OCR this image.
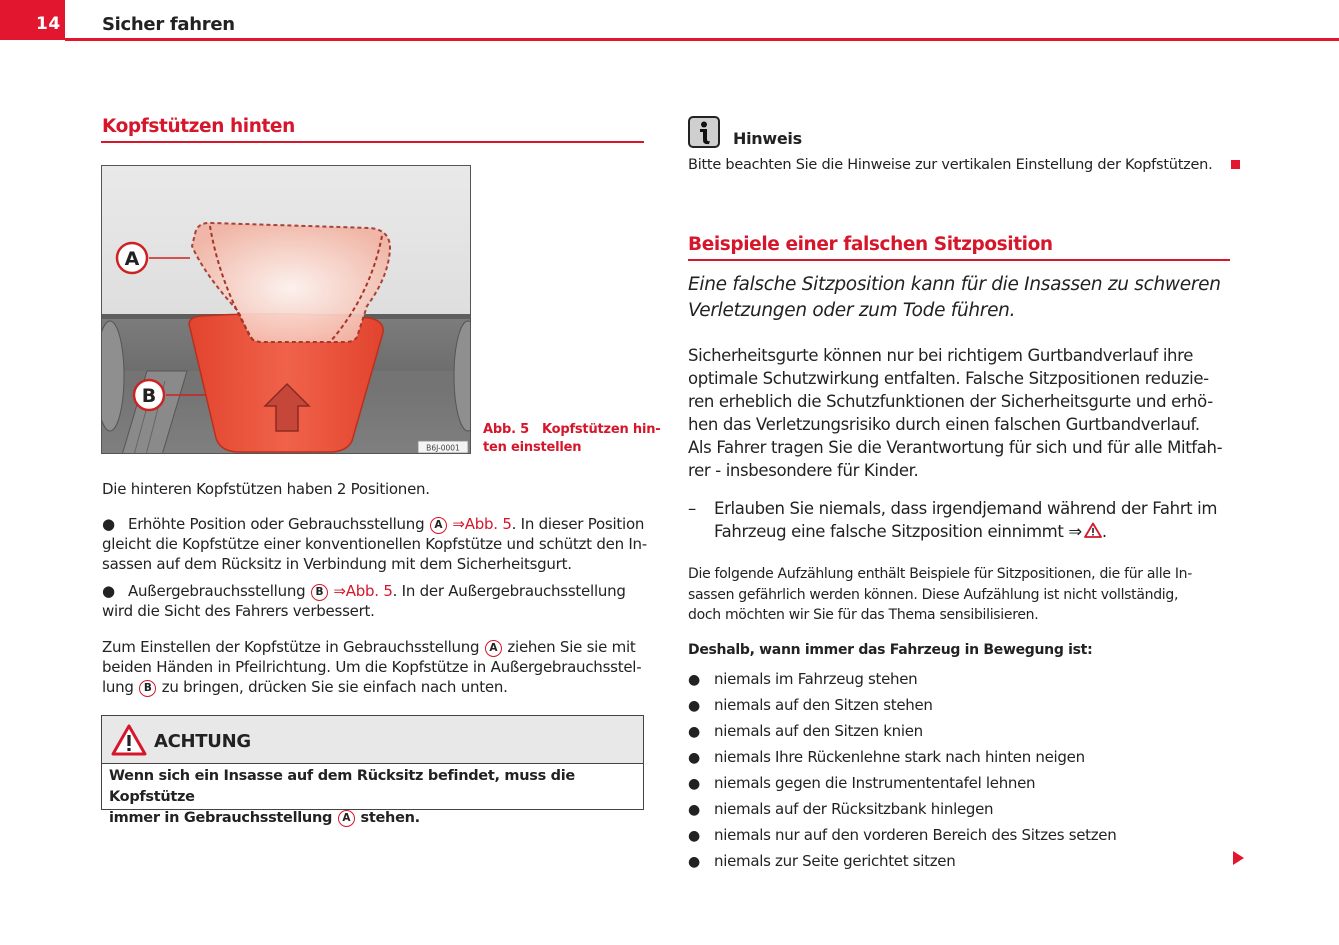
14 Sicher fahren
Kopfstützen hinten
A
B
B6J-0001
Abb. 5   Kopfstützen hin-
ten einstellen
Die hinteren Kopfstützen haben 2 Positionen.
● Erhöhte Position oder Gebrauchsstellung A ⇒Abb. 5. In dieser Position
gleicht die Kopfstütze einer konventionellen Kopfstütze und schützt den In-
sassen auf dem Rücksitz in Verbindung mit dem Sicherheitsgurt.
● Außergebrauchsstellung B ⇒Abb. 5. In der Außergebrauchsstellung
wird die Sicht des Fahrers verbessert.
Zum Einstellen der Kopfstütze in Gebrauchsstellung A ziehen Sie sie mit
beiden Händen in Pfeilrichtung. Um die Kopfstütze in Außergebrauchsstel-
lung B zu bringen, drücken Sie sie einfach nach unten.
ACHTUNG
Wenn sich ein Insasse auf dem Rücksitz befindet, muss die Kopfstütze
immer in Gebrauchsstellung A stehen.
Hinweis
Bitte beachten Sie die Hinweise zur vertikalen Einstellung der Kopfstützen.
Beispiele einer falschen Sitzposition
Eine falsche Sitzposition kann für die Insassen zu schweren
Verletzungen oder zum Tode führen.
Sicherheitsgurte können nur bei richtigem Gurtbandverlauf ihre
optimale Schutzwirkung entfalten. Falsche Sitzpositionen reduzie-
ren erheblich die Schutzfunktionen der Sicherheitsgurte und erhö-
hen das Verletzungsrisiko durch einen falschen Gurtbandverlauf.
Als Fahrer tragen Sie die Verantwortung für sich und für alle Mitfah-
rer - insbesondere für Kinder.
– Erlauben Sie niemals, dass irgendjemand während der Fahrt im
Fahrzeug eine falsche Sitzposition einnimmt ⇒ .
Die folgende Aufzählung enthält Beispiele für Sitzpositionen, die für alle In-
sassen gefährlich werden können. Diese Aufzählung ist nicht vollständig,
doch möchten wir Sie für das Thema sensibilisieren.
Deshalb, wann immer das Fahrzeug in Bewegung ist:
● niemals im Fahrzeug stehen
● niemals auf den Sitzen stehen
● niemals auf den Sitzen knien
● niemals Ihre Rückenlehne stark nach hinten neigen
● niemals gegen die Instrumententafel lehnen
● niemals auf der Rücksitzbank hinlegen
● niemals nur auf den vorderen Bereich des Sitzes setzen
● niemals zur Seite gerichtet sitzen
